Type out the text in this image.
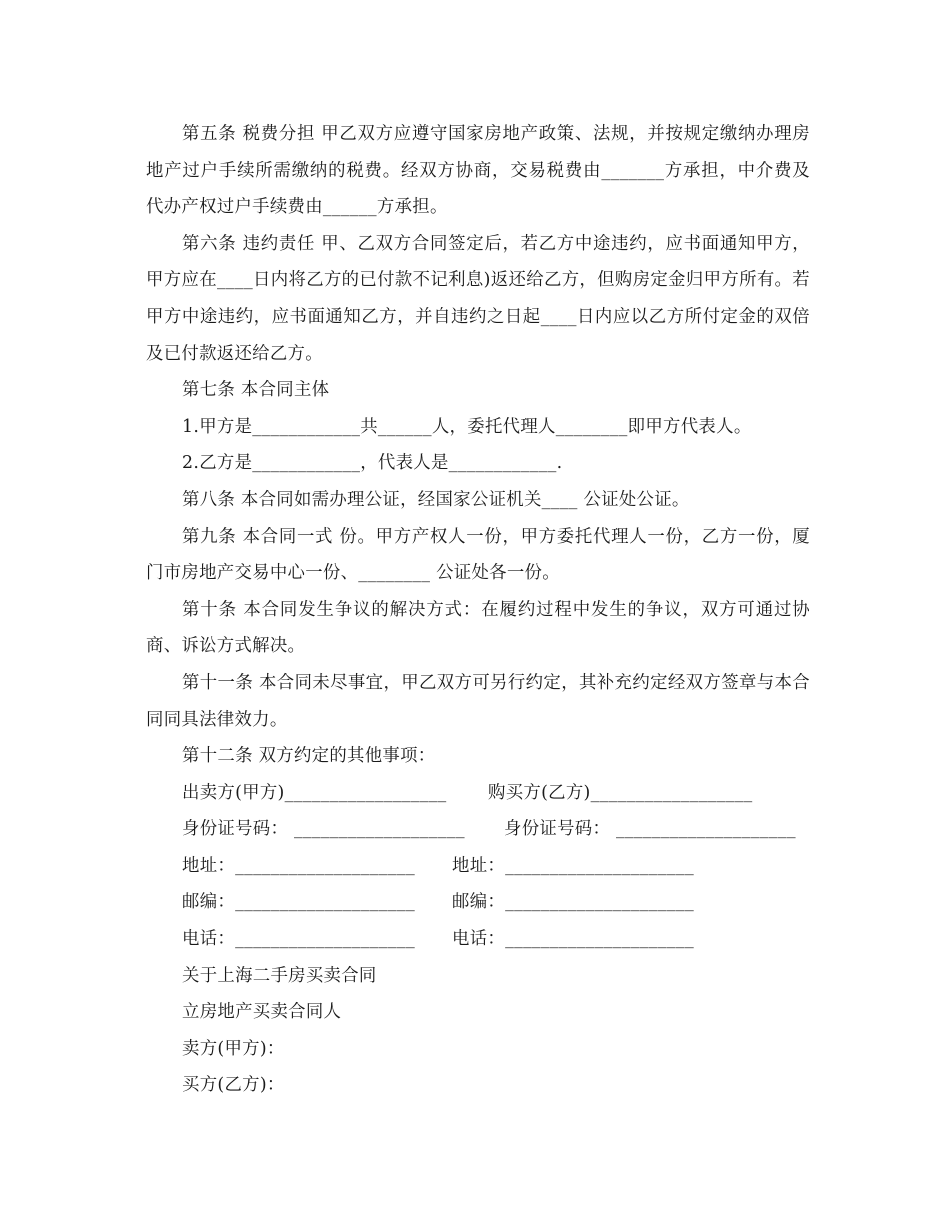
第五条 税费分担 甲乙双方应遵守国家房地产政策、法规，并按规定缴纳办理房地产过户手续所需缴纳的税费。经双方协商，交易税费由_______方承担，中介费及代办产权过户手续费由______方承担。

第六条 违约责任 甲、乙双方合同签定后，若乙方中途违约，应书面通知甲方，甲方应在____日内将乙方的已付款不记利息)返还给乙方，但购房定金归甲方所有。若甲方中途违约，应书面通知乙方，并自违约之日起____日内应以乙方所付定金的双倍及已付款返还给乙方。

第七条 本合同主体

1.甲方是____________共______人，委托代理人________即甲方代表人。

2.乙方是____________，代表人是____________.

第八条 本合同如需办理公证，经国家公证机关____ 公证处公证。

第九条 本合同一式 份。甲方产权人一份，甲方委托代理人一份，乙方一份，厦门市房地产交易中心一份、________ 公证处各一份。

第十条 本合同发生争议的解决方式：在履约过程中发生的争议，双方可通过协商、诉讼方式解决。

第十一条 本合同未尽事宜，甲乙双方可另行约定，其补充约定经双方签章与本合同同具法律效力。

第十二条 双方约定的其他事项：

出卖方(甲方)__________________

购买方(乙方)__________________

身份证号码： ___________________

身份证号码： ____________________

地址：____________________

地址：_____________________

邮编：____________________

邮编：_____________________

电话：____________________

电话：_____________________

关于上海二手房买卖合同

立房地产买卖合同人

卖方(甲方)：

买方(乙方)：
